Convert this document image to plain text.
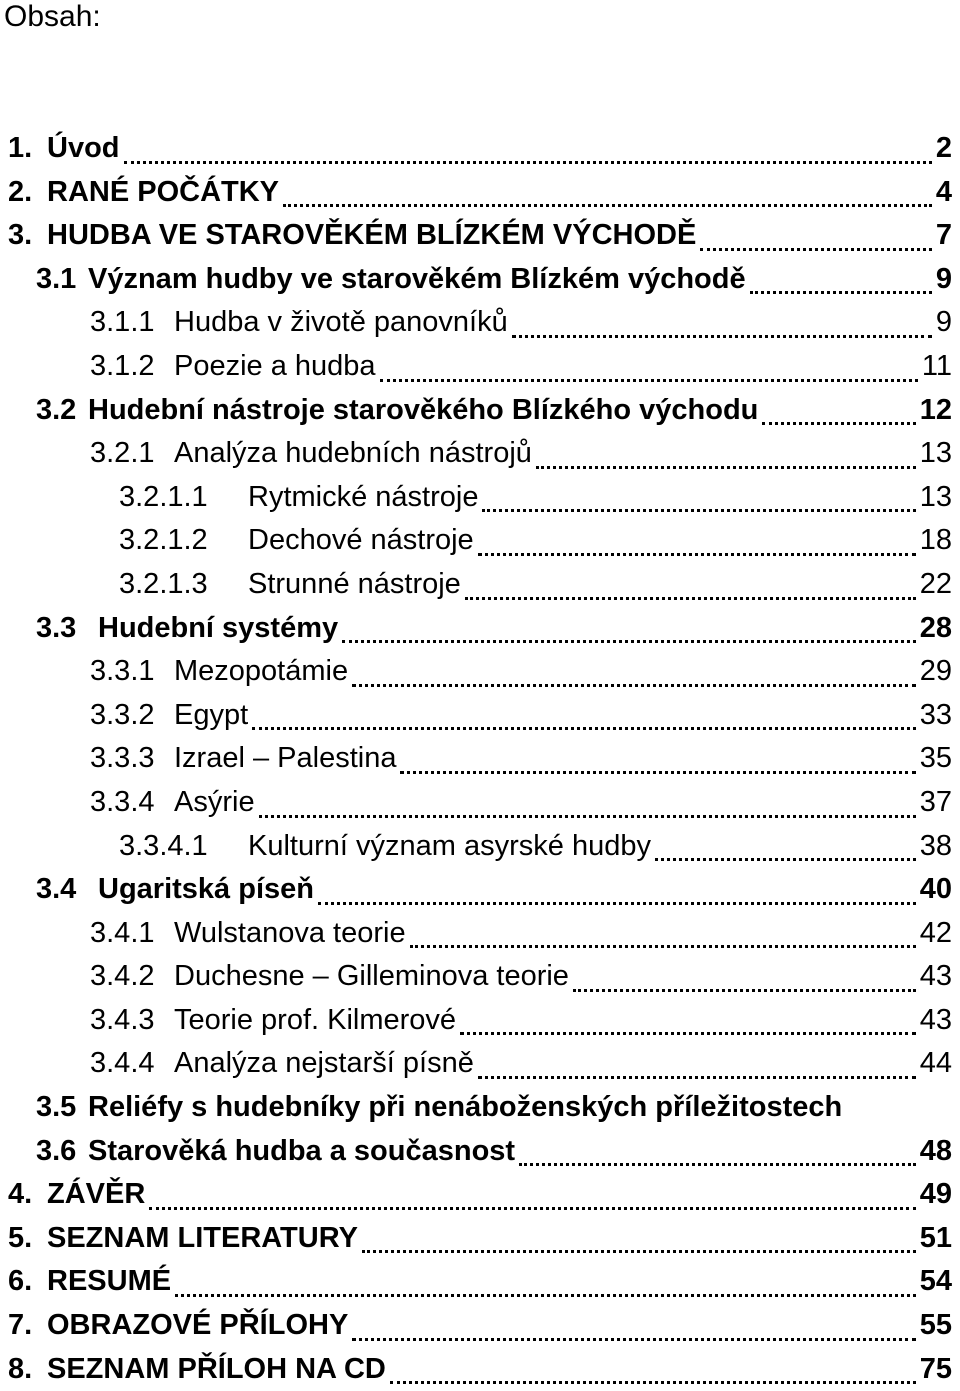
Obsah:
1. Úvod	2
2. RANÉ POČÁTKY	4
3. HUDBA VE STAROVĚKÉM BLÍZKÉM VÝCHODĚ	7
3.1 Význam hudby ve starověkém Blízkém východě	9
3.1.1 Hudba v životě panovníků	9
3.1.2 Poezie a hudba	11
3.2 Hudební nástroje starověkého Blízkého východu	12
3.2.1 Analýza hudebních nástrojů	13
3.2.1.1 Rytmické nástroje	13
3.2.1.2 Dechové nástroje	18
3.2.1.3 Strunné nástroje	22
3.3 Hudební systémy	28
3.3.1 Mezopotámie	29
3.3.2 Egypt	33
3.3.3 Izrael – Palestina	35
3.3.4 Asýrie	37
3.3.4.1 Kulturní význam asyrské hudby	38
3.4 Ugaritská píseň	40
3.4.1 Wulstanova teorie	42
3.4.2 Duchesne – Gilleminova teorie	43
3.4.3 Teorie prof. Kilmerové	43
3.4.4 Analýza nejstarší písně	44
3.5 Reliéfy s hudebníky při nenáboženských příležitostech
3.6 Starověká hudba a současnost	48
4. ZÁVĚR	49
5. SEZNAM LITERATURY	51
6. RESUMÉ	54
7. OBRAZOVÉ PŘÍLOHY	55
8. SEZNAM PŘÍLOH NA CD	75
